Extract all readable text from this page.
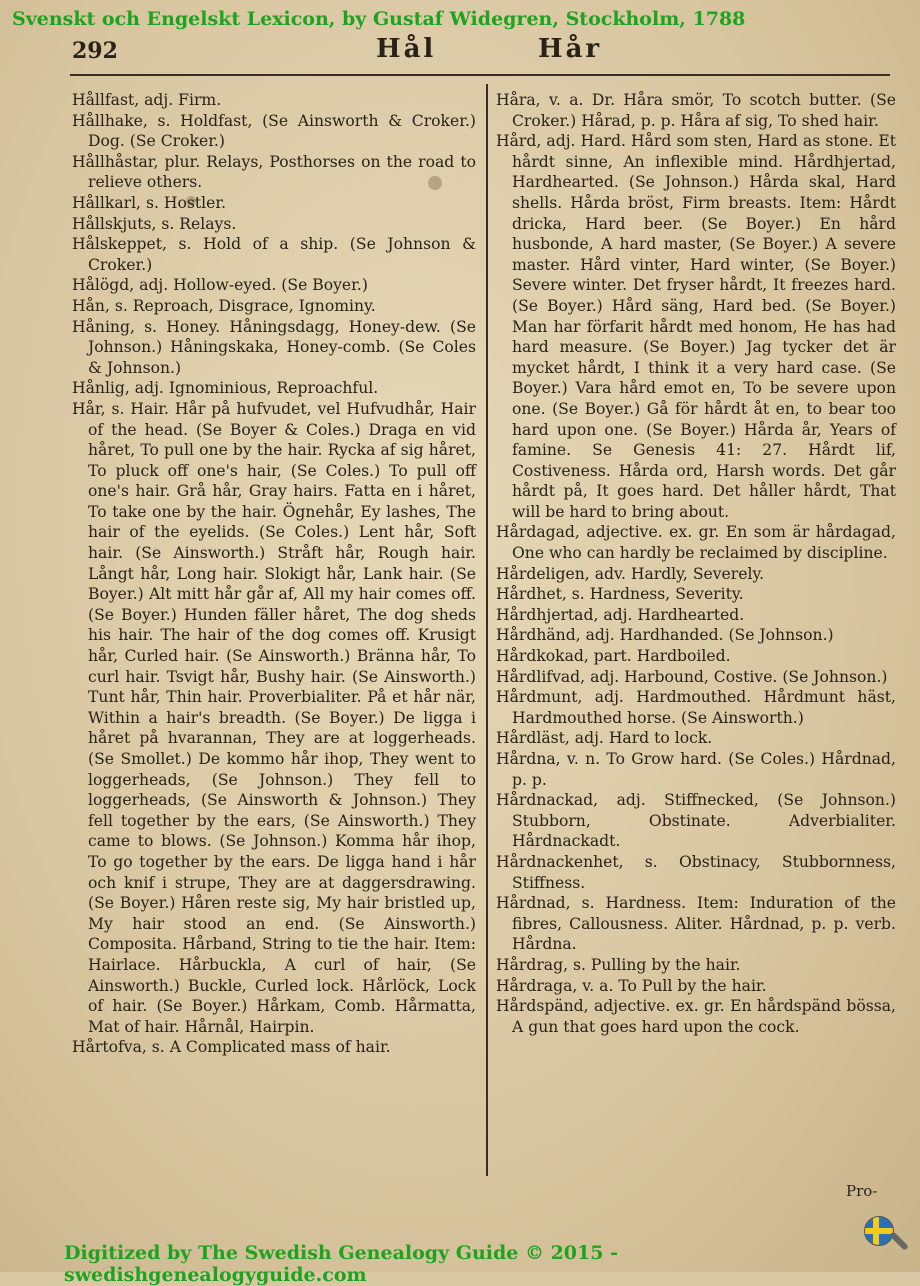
Svenskt och Engelskt Lexicon, by Gustaf Widegren, Stockholm, 1788
292	Hål	Hår

Hållfast, adj. Firm.

Hållhake, s. Holdfast, (Se Ainsworth & Croker.) Dog. (Se Croker.)

Hållhåstar, plur. Relays, Posthorses on the road to relieve others.

Hållkarl, s. Hostler.

Hållskjuts, s. Relays.

Hålskeppet, s. Hold of a ship. (Se Johnson & Croker.)

Hålögd, adj. Hollow-eyed. (Se Boyer.)

Hån, s. Reproach, Disgrace, Ignominy.

Håning, s. Honey. Håningsdagg, Honey-dew. (Se Johnson.) Håningskaka, Honey-comb. (Se Coles & Johnson.)

Hånlig, adj. Ignominious, Reproachful.

Hår, s. Hair. Hår på hufvudet, vel Hufvudhår, Hair of the head. (Se Boyer & Coles.) Draga en vid håret, To pull one by the hair. Rycka af sig håret, To pluck off one's hair, (Se Coles.) To pull off one's hair. Grå hår, Gray hairs. Fatta en i håret, To take one by the hair. Ögnehår, Ey lashes, The hair of the eyelids. (Se Coles.) Lent hår, Soft hair. (Se Ainsworth.) Stråft hår, Rough hair. Långt hår, Long hair. Slokigt hår, Lank hair. (Se Boyer.) Alt mitt hår går af, All my hair comes off. (Se Boyer.) Hunden fäller håret, The dog sheds his hair. The hair of the dog comes off. Krusigt hår, Curled hair. (Se Ainsworth.) Bränna hår, To curl hair. Tsvigt hår, Bushy hair. (Se Ainsworth.) Tunt hår, Thin hair. Proverbialiter. På et hår när, Within a hair's breadth. (Se Boyer.) De ligga i håret på hvarannan, They are at loggerheads. (Se Smollet.) De kommo hår ihop, They went to loggerheads, (Se Johnson.) They fell to loggerheads, (Se Ainsworth & Johnson.) They fell together by the ears, (Se Ainsworth.) They came to blows. (Se Johnson.) Komma hår ihop, To go together by the ears. De ligga hand i hår och knif i strupe, They are at daggersdrawing. (Se Boyer.) Håren reste sig, My hair bristled up, My hair stood an end. (Se Ainsworth.) Composita. Hårband, String to tie the hair. Item: Hairlace. Hårbuckla, A curl of hair, (Se Ainsworth.) Buckle, Curled lock. Hårlöck, Lock of hair. (Se Boyer.) Hårkam, Comb. Hårmatta, Mat of hair. Hårnål, Hairpin.

Hårtofva, s. A Complicated mass of hair.

Håra, v. a. Dr. Håra smör, To scotch butter. (Se Croker.) Hårad, p. p. Håra af sig, To shed hair.

Hård, adj. Hard. Hård som sten, Hard as stone. Et hårdt sinne, An inflexible mind. Hårdhjertad, Hardhearted. (Se Johnson.) Hårda skal, Hard shells. Hårda bröst, Firm breasts. Item: Hårdt dricka, Hard beer. (Se Boyer.) En hård husbonde, A hard master, (Se Boyer.) A severe master. Hård vinter, Hard winter, (Se Boyer.) Severe winter. Det fryser hårdt, It freezes hard. (Se Boyer.) Hård säng, Hard bed. (Se Boyer.) Man har förfarit hårdt med honom, He has had hard measure. (Se Boyer.) Jag tycker det är mycket hårdt, I think it a very hard case. (Se Boyer.) Vara hård emot en, To be severe upon one. (Se Boyer.) Gå för hårdt åt en, to bear too hard upon one. (Se Boyer.) Hårda år, Years of famine. Se Genesis 41: 27. Hårdt lif, Costiveness. Hårda ord, Harsh words. Det går hårdt på, It goes hard. Det håller hårdt, That will be hard to bring about.

Hårdagad, adjective. ex. gr. En som är hårdagad, One who can hardly be reclaimed by discipline.

Hårdeligen, adv. Hardly, Severely.

Hårdhet, s. Hardness, Severity.

Hårdhjertad, adj. Hardhearted.

Hårdhänd, adj. Hardhanded. (Se Johnson.)

Hårdkokad, part. Hardboiled.

Hårdlifvad, adj. Harbound, Costive. (Se Johnson.)

Hårdmunt, adj. Hardmouthed. Hårdmunt häst, Hardmouthed horse. (Se Ainsworth.)

Hårdläst, adj. Hard to lock.

Hårdna, v. n. To Grow hard. (Se Coles.) Hårdnad, p. p.

Hårdnackad, adj. Stiffnecked, (Se Johnson.) Stubborn, Obstinate. Adverbialiter. Hårdnackadt.

Hårdnackenhet, s. Obstinacy, Stubbornness, Stiffness.

Hårdnad, s. Hardness. Item: Induration of the fibres, Callousness. Aliter. Hårdnad, p. p. verb. Hårdna.

Hårdrag, s. Pulling by the hair.

Hårdraga, v. a. To Pull by the hair.

Hårdspänd, adjective. ex. gr. En hårdspänd bössa, A gun that goes hard upon the cock.

Pro-
Digitized by The Swedish Genealogy Guide © 2015 - swedishgenealogyguide.com
